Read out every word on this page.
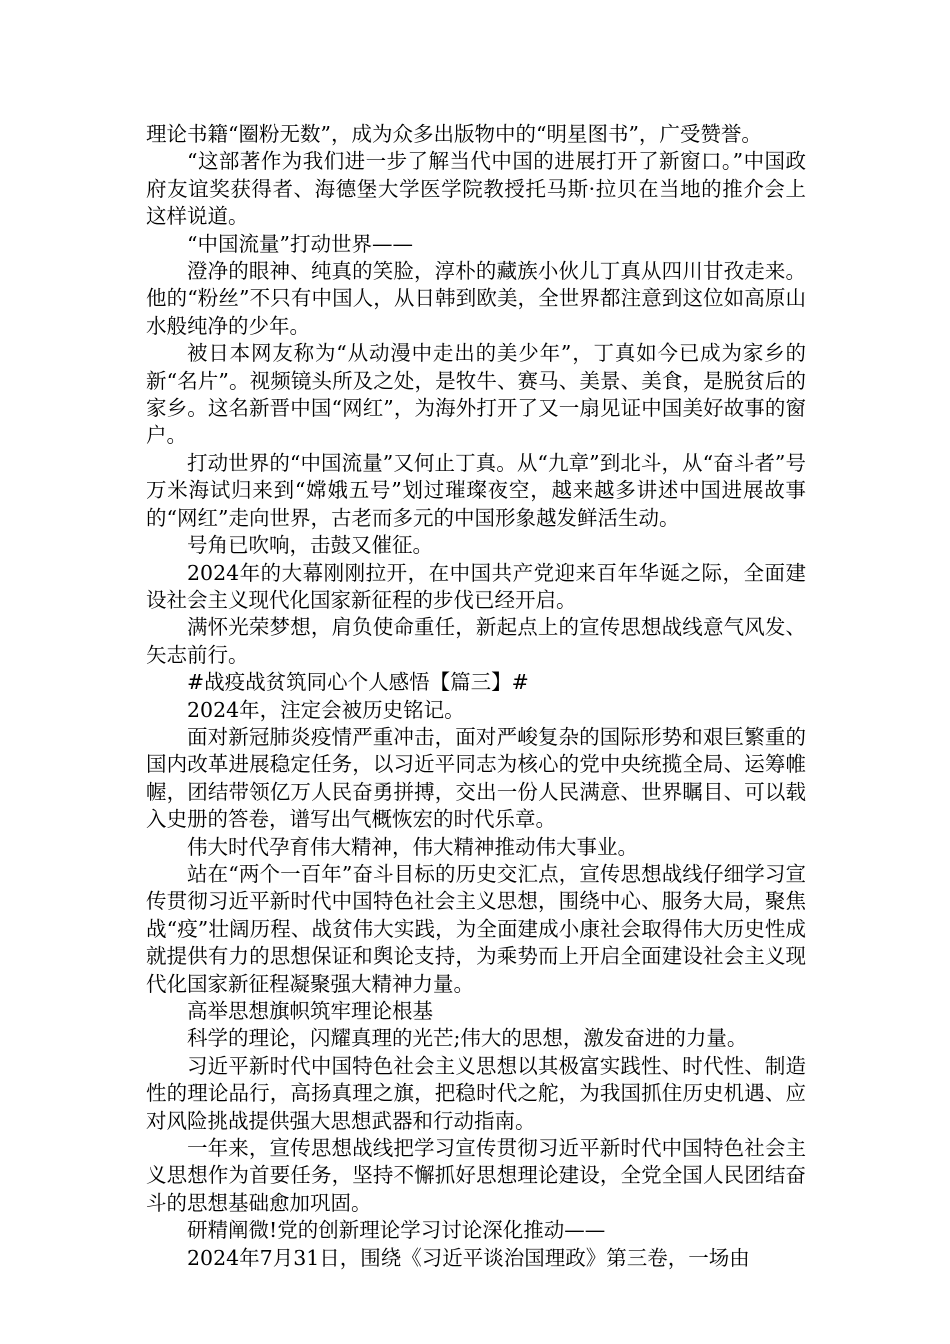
理论书籍“圈粉无数”，成为众多出版物中的“明星图书”，广受赞誉。

“这部著作为我们进一步了解当代中国的进展打开了新窗口。”中国政府友谊奖获得者、海德堡大学医学院教授托马斯·拉贝在当地的推介会上这样说道。

“中国流量”打动世界——

澄净的眼神、纯真的笑脸，淳朴的藏族小伙儿丁真从四川甘孜走来。他的“粉丝”不只有中国人，从日韩到欧美，全世界都注意到这位如高原山水般纯净的少年。

被日本网友称为“从动漫中走出的美少年”，丁真如今已成为家乡的新“名片”。视频镜头所及之处，是牧牛、赛马、美景、美食，是脱贫后的家乡。这名新晋中国“网红”，为海外打开了又一扇见证中国美好故事的窗户。

打动世界的“中国流量”又何止丁真。从“九章”到北斗，从“奋斗者”号万米海试归来到“嫦娥五号”划过璀璨夜空，越来越多讲述中国进展故事的“网红”走向世界，古老而多元的中国形象越发鲜活生动。

号角已吹响，击鼓又催征。

2024年的大幕刚刚拉开，在中国共产党迎来百年华诞之际，全面建设社会主义现代化国家新征程的步伐已经开启。

满怀光荣梦想，肩负使命重任，新起点上的宣传思想战线意气风发、矢志前行。

#战疫战贫筑同心个人感悟【篇三】#

2024年，注定会被历史铭记。

面对新冠肺炎疫情严重冲击，面对严峻复杂的国际形势和艰巨繁重的国内改革进展稳定任务，以习近平同志为核心的党中央统揽全局、运筹帷幄，团结带领亿万人民奋勇拼搏，交出一份人民满意、世界瞩目、可以载入史册的答卷，谱写出气概恢宏的时代乐章。

伟大时代孕育伟大精神，伟大精神推动伟大事业。

站在“两个一百年”奋斗目标的历史交汇点，宣传思想战线仔细学习宣传贯彻习近平新时代中国特色社会主义思想，围绕中心、服务大局，聚焦战“疫”壮阔历程、战贫伟大实践，为全面建成小康社会取得伟大历史性成就提供有力的思想保证和舆论支持，为乘势而上开启全面建设社会主义现代化国家新征程凝聚强大精神力量。

高举思想旗帜筑牢理论根基

科学的理论，闪耀真理的光芒;伟大的思想，激发奋进的力量。

习近平新时代中国特色社会主义思想以其极富实践性、时代性、制造性的理论品行，高扬真理之旗，把稳时代之舵，为我国抓住历史机遇、应对风险挑战提供强大思想武器和行动指南。

一年来，宣传思想战线把学习宣传贯彻习近平新时代中国特色社会主义思想作为首要任务，坚持不懈抓好思想理论建设，全党全国人民团结奋斗的思想基础愈加巩固。

研精阐微!党的创新理论学习讨论深化推动——

2024年7月31日，围绕《习近平谈治国理政》第三卷，一场由
